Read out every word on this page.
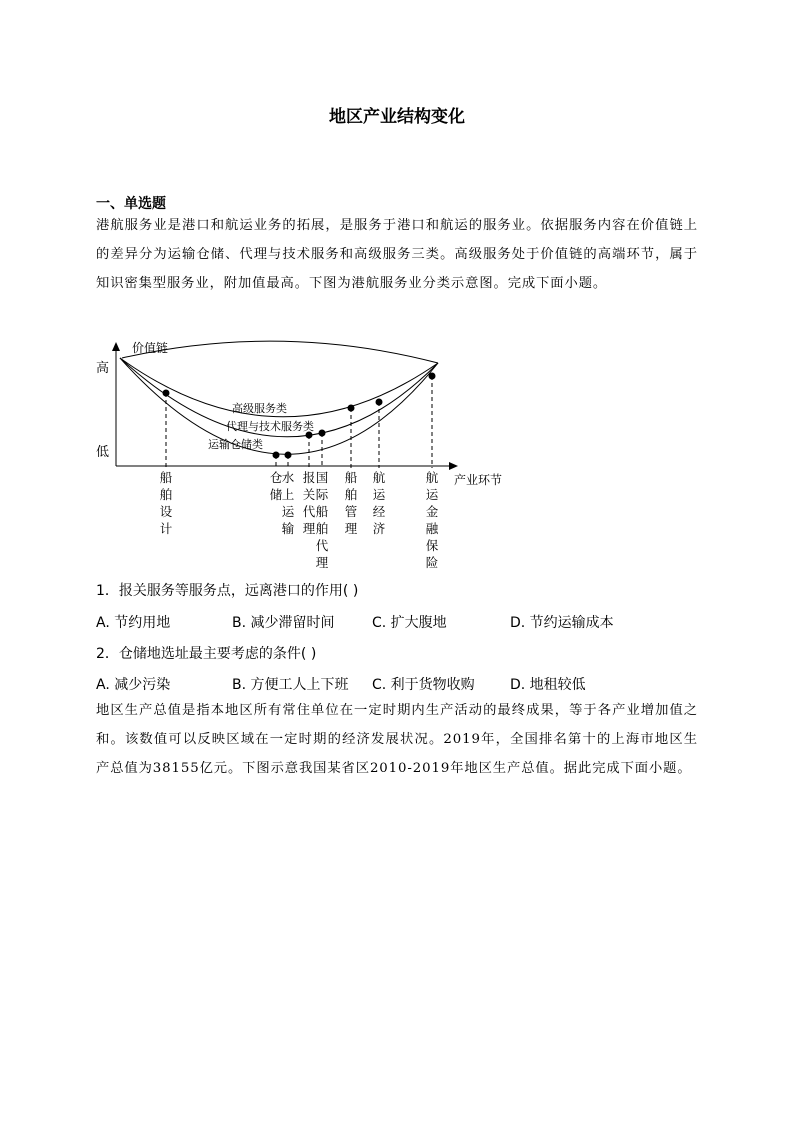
地区产业结构变化
一、单选题
港航服务业是港口和航运业务的拓展，是服务于港口和航运的服务业。依据服务内容在价值链上的差异分为运输仓储、代理与技术服务和高级服务三类。高级服务处于价值链的高端环节，属于知识密集型服务业，附加值最高。下图为港航服务业分类示意图。完成下面小题。
价值链
高
低
产业环节
高级服务类
代理与技术服务类
运输仓储类
船舶设计
仓储
水上运输
报关代理
国际船舶代理
船舶管理
航运经济
航运金融保险
1．报关服务等服务点，远离港口的作用( )
A. 节约用地	B. 减少滞留时间	C. 扩大腹地	D. 节约运输成本
2．仓储地选址最主要考虑的条件( )
A. 减少污染	B. 方便工人上下班 C. 利于货物收购	D. 地租较低
地区生产总值是指本地区所有常住单位在一定时期内生产活动的最终成果，等于各产业增加值之和。该数值可以反映区域在一定时期的经济发展状况。2019年，全国排名第十的上海市地区生产总值为38155亿元。下图示意我国某省区2010-2019年地区生产总值。据此完成下面小题。
